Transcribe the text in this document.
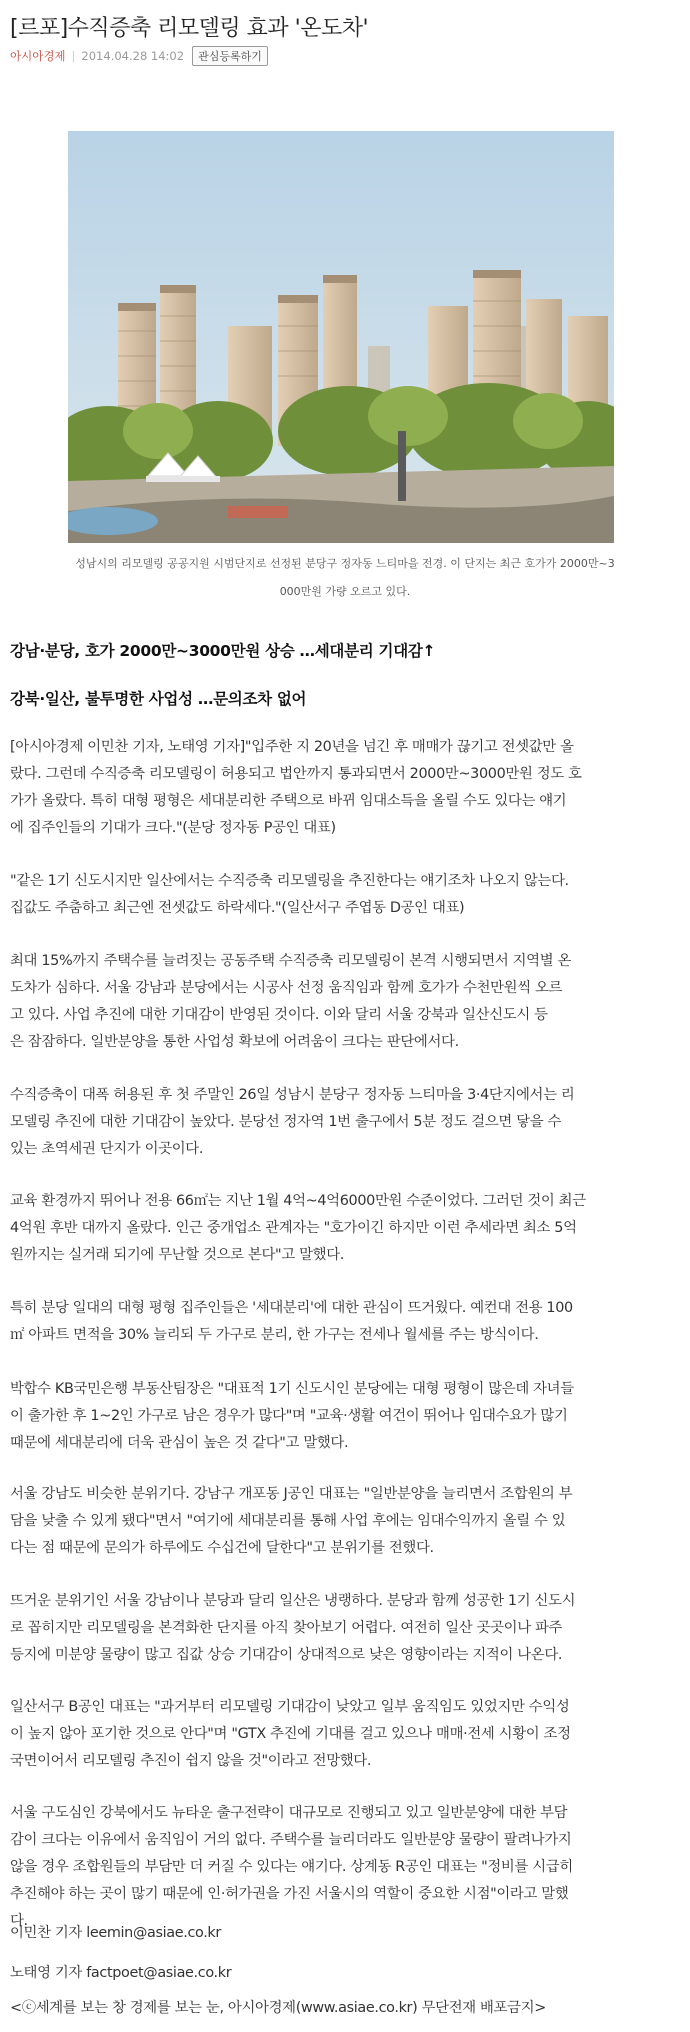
[르포]수직증축 리모델링 효과 '온도차'
아시아경제 | 2014.04.28 14:02	관심등록하기
성남시의 리모델링 공공지원 시범단지로 선정된 분당구 정자동 느티마을 전경. 이 단지는 최근 호가가 2000만~3
000만원 가량 오르고 있다.
강남·분당, 호가 2000만~3000만원 상승 …세대분리 기대감↑
강북·일산, 불투명한 사업성 …문의조차 없어
[아시아경제 이민찬 기자, 노태영 기자]"입주한 지 20년을 넘긴 후 매매가 끊기고 전셋값만 올
랐다. 그런데 수직증축 리모델링이 허용되고 법안까지 통과되면서 2000만~3000만원 정도 호
가가 올랐다. 특히 대형 평형은 세대분리한 주택으로 바뀌 임대소득을 올릴 수도 있다는 얘기
에 집주인들의 기대가 크다."(분당 정자동 P공인 대표)
"같은 1기 신도시지만 일산에서는 수직증축 리모델링을 추진한다는 얘기조차 나오지 않는다.
집값도 주춤하고 최근엔 전셋값도 하락세다."(일산서구 주엽동 D공인 대표)
최대 15%까지 주택수를 늘려짓는 공동주택 수직증축 리모델링이 본격 시행되면서 지역별 온
도차가 심하다. 서울 강남과 분당에서는 시공사 선정 움직임과 함께 호가가 수천만원씩 오르
고 있다. 사업 추진에 대한 기대감이 반영된 것이다. 이와 달리 서울 강북과 일산신도시 등
은 잠잠하다. 일반분양을 통한 사업성 확보에 어려움이 크다는 판단에서다.
수직증축이 대폭 허용된 후 첫 주말인 26일 성남시 분당구 정자동 느티마을 3·4단지에서는 리
모델링 추진에 대한 기대감이 높았다. 분당선 정자역 1번 출구에서 5분 정도 걸으면 닿을 수
있는 초역세권 단지가 이곳이다.
교육 환경까지 뛰어나 전용 66㎡는 지난 1월 4억~4억6000만원 수준이었다. 그러던 것이 최근
4억원 후반 대까지 올랐다. 인근 중개업소 관계자는 "호가이긴 하지만 이런 추세라면 최소 5억
원까지는 실거래 되기에 무난할 것으로 본다"고 말했다.
특히 분당 일대의 대형 평형 집주인들은 '세대분리'에 대한 관심이 뜨거웠다. 예컨대 전용 100
㎡ 아파트 면적을 30% 늘리되 두 가구로 분리, 한 가구는 전세나 월세를 주는 방식이다.
박합수 KB국민은행 부동산팀장은 "대표적 1기 신도시인 분당에는 대형 평형이 많은데 자녀들
이 출가한 후 1~2인 가구로 남은 경우가 많다"며 "교육·생활 여건이 뛰어나 임대수요가 많기
때문에 세대분리에 더욱 관심이 높은 것 같다"고 말했다.
서울 강남도 비슷한 분위기다. 강남구 개포동 J공인 대표는 "일반분양을 늘리면서 조합원의 부
담을 낮출 수 있게 됐다"면서 "여기에 세대분리를 통해 사업 후에는 임대수익까지 올릴 수 있
다는 점 때문에 문의가 하루에도 수십건에 달한다"고 분위기를 전했다.
뜨거운 분위기인 서울 강남이나 분당과 달리 일산은 냉랭하다. 분당과 함께 성공한 1기 신도시
로 꼽히지만 리모델링을 본격화한 단지를 아직 찾아보기 어렵다. 여전히 일산 곳곳이나 파주
등지에 미분양 물량이 많고 집값 상승 기대감이 상대적으로 낮은 영향이라는 지적이 나온다.
일산서구 B공인 대표는 "과거부터 리모델링 기대감이 낮았고 일부 움직임도 있었지만 수익성
이 높지 않아 포기한 것으로 안다"며 "GTX 추진에 기대를 걸고 있으나 매매·전세 시황이 조정
국면이어서 리모델링 추진이 쉽지 않을 것"이라고 전망했다.
서울 구도심인 강북에서도 뉴타운 출구전략이 대규모로 진행되고 있고 일반분양에 대한 부담
감이 크다는 이유에서 움직임이 거의 없다. 주택수를 늘리더라도 일반분양 물량이 팔려나가지
않을 경우 조합원들의 부담만 더 커질 수 있다는 얘기다. 상계동 R공인 대표는 "정비를 시급히
추진해야 하는 곳이 많기 때문에 인·허가권을 가진 서울시의 역할이 중요한 시점"이라고 말했
다.
이민찬 기자 leemin@asiae.co.kr
노태영 기자 factpoet@asiae.co.kr
<ⓒ세계를 보는 창 경제를 보는 눈, 아시아경제(www.asiae.co.kr) 무단전재 배포금지>
